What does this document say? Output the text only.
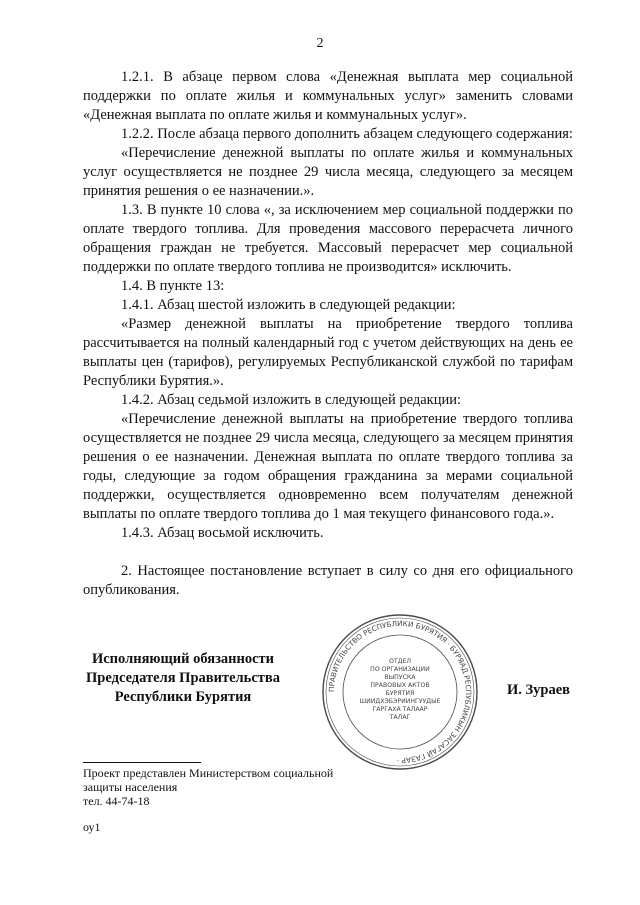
2

1.2.1. В абзаце первом слова «Денежная выплата мер социальной поддержки по оплате жилья и коммунальных услуг» заменить словами «Денежная выплата по оплате жилья и коммунальных услуг».

1.2.2. После абзаца первого дополнить абзацем следующего содержания:

«Перечисление денежной выплаты по оплате жилья и коммунальных услуг осуществляется не позднее 29 числа месяца, следующего за месяцем принятия решения о ее назначении.».

1.3. В пункте 10 слова «, за исключением мер социальной поддержки по оплате твердого топлива. Для проведения массового перерасчета личного обращения граждан не требуется. Массовый перерасчет мер социальной поддержки по оплате твердого топлива не производится» исключить.

1.4. В пункте 13:

1.4.1. Абзац шестой изложить в следующей редакции:

«Размер денежной выплаты на приобретение твердого топлива рассчитывается на полный календарный год с учетом действующих на день ее выплаты цен (тарифов), регулируемых Республиканской службой по тарифам Республики Бурятия.».

1.4.2. Абзац седьмой изложить в следующей редакции:

«Перечисление денежной выплаты на приобретение твердого топлива осуществляется не позднее 29 числа месяца, следующего за месяцем принятия решения о ее назначении. Денежная выплата по оплате твердого топлива за годы, следующие за годом обращения гражданина за мерами социальной поддержки, осуществляется одновременно всем получателям денежной выплаты по оплате твердого топлива до 1 мая текущего финансового года.».

1.4.3. Абзац восьмой исключить.

2. Настоящее постановление вступает в силу со дня его официального опубликования.

Исполняющий обязанности
Председателя Правительства
Республики Бурятия	ПРАВИТЕЛЬСТВО РЕСПУБЛИКИ БУРЯТИЯ · БУРЯАД РЕСПУБЛИКЫН ЗАСАГАЙ ГАЗАР ·
ОТДЕЛ
ПО ОРГАНИЗАЦИИ
ВЫПУСКА
ПРАВОВЫХ АКТОВ
БУРЯТИЯ
ШИИДХЭБЭРИИНГУУДЫЕ
ГАРГАХА ТАЛААР
ТАЛАГ
И. Зураев
Проект представлен Министерством социальной
защиты населения
тел. 44-74-18
оу1
